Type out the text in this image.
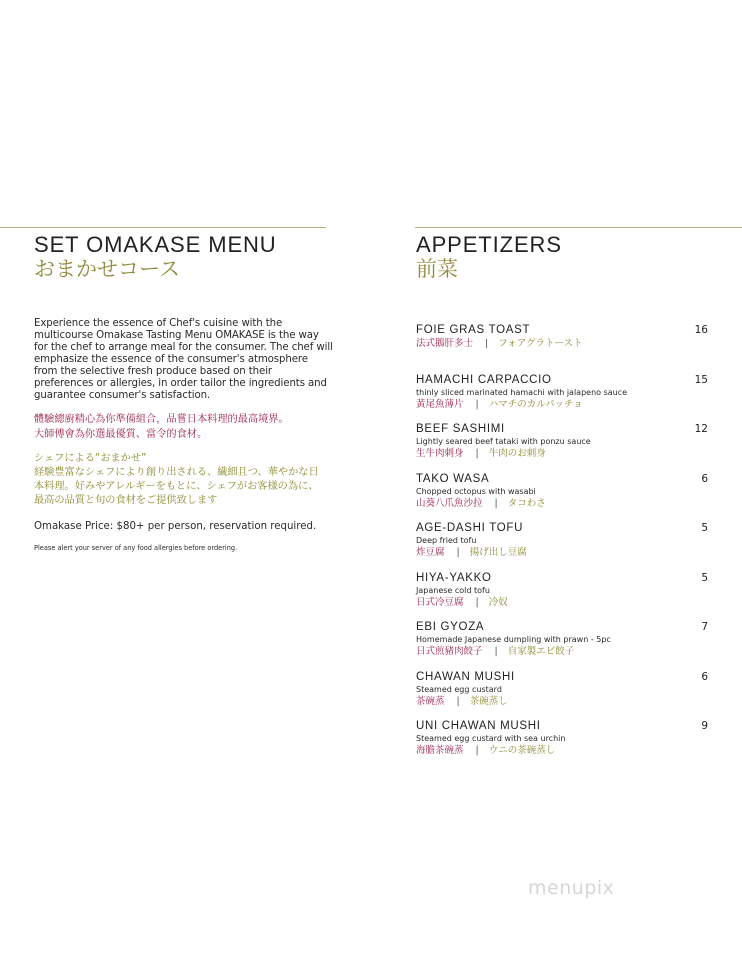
SET OMAKASE MENU
おまかせコース
Experience the essence of Chef's cuisine with the multicourse Omakase Tasting Menu OMAKASE is the way for the chef to arrange meal for the consumer. The chef will emphasize the essence of the consumer's atmosphere from the selective fresh produce based on their preferences or allergies, in order tailor the ingredients and guarantee consumer's satisfaction.
體驗總廚精心為你準備組合，品嘗日本料理的最高境界。
大師傅會為你選最優質、當令的食材。
シェフによる“おまかせ”
経験豊富なシェフにより創り出される、繊細且つ、華やかな日
本料理。好みやアレルギーをもとに、シェフがお客様の為に、
最高の品質と旬の食材をご提供致します
Omakase Price: $80+ per person, reservation required.
Please alert your server of any food allergies before ordering.
APPETIZERS
前菜
FOIE GRAS TOAST	16
法式鵝肝多士 | フォアグラトースト
HAMACHI CARPACCIO	15
thinly sliced marinated hamachi with jalapeno sauce
黃尾魚薄片 | ハマチのカルパッチョ
BEEF SASHIMI	12
Lightly seared beef tataki with ponzu sauce
生牛肉刺身 | 牛肉のお刺身
TAKO WASA	6
Chopped octopus with wasabi
山葵八爪魚沙拉 | タコわさ
AGE-DASHI TOFU	5
Deep fried tofu
炸豆腐 | 揚げ出し豆腐
HIYA-YAKKO	5
Japanese cold tofu
日式冷豆腐 | 冷奴
EBI GYOZA	7
Homemade Japanese dumpling with prawn - 5pc
日式煎豬肉餃子 | 自家製エビ餃子
CHAWAN MUSHI	6
Steamed egg custard
茶碗蒸 | 茶碗蒸し
UNI CHAWAN MUSHI	9
Steamed egg custard with sea urchin
海膽茶碗蒸 | ウニの茶碗蒸し
menupix
